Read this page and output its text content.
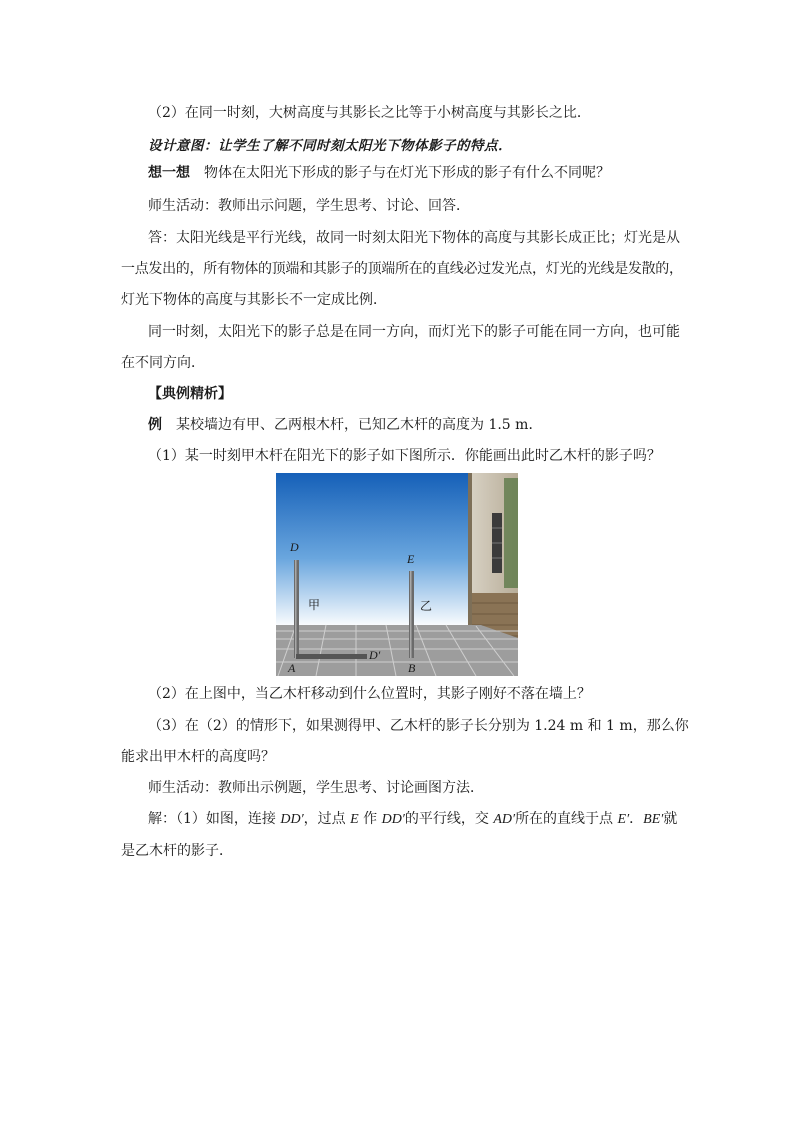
（2）在同一时刻，大树高度与其影长之比等于小树高度与其影长之比．
设计意图：让学生了解不同时刻太阳光下物体影子的特点．
想一想 物体在太阳光下形成的影子与在灯光下形成的影子有什么不同呢？
师生活动：教师出示问题，学生思考、讨论、回答．
答：太阳光线是平行光线，故同一时刻太阳光下物体的高度与其影长成正比；灯光是从
一点发出的，所有物体的顶端和其影子的顶端所在的直线必过发光点，灯光的光线是发散的，
灯光下物体的高度与其影长不一定成比例．
同一时刻，太阳光下的影子总是在同一方向，而灯光下的影子可能在同一方向，也可能
在不同方向．
【典例精析】
例 某校墙边有甲、乙两根木杆，已知乙木杆的高度为 1.5 m．
（1）某一时刻甲木杆在阳光下的影子如下图所示．你能画出此时乙木杆的影子吗？
D
E
A	B
D′
甲	乙
（2）在上图中，当乙木杆移动到什么位置时，其影子刚好不落在墙上？
（3）在（2）的情形下，如果测得甲、乙木杆的影子长分别为 1.24 m 和 1 m，那么你
能求出甲木杆的高度吗？
师生活动：教师出示例题，学生思考、讨论画图方法．
解：（1）如图，连接 DD′，过点 E 作 DD′的平行线，交 AD′所在的直线于点 E′．BE′就
是乙木杆的影子．
